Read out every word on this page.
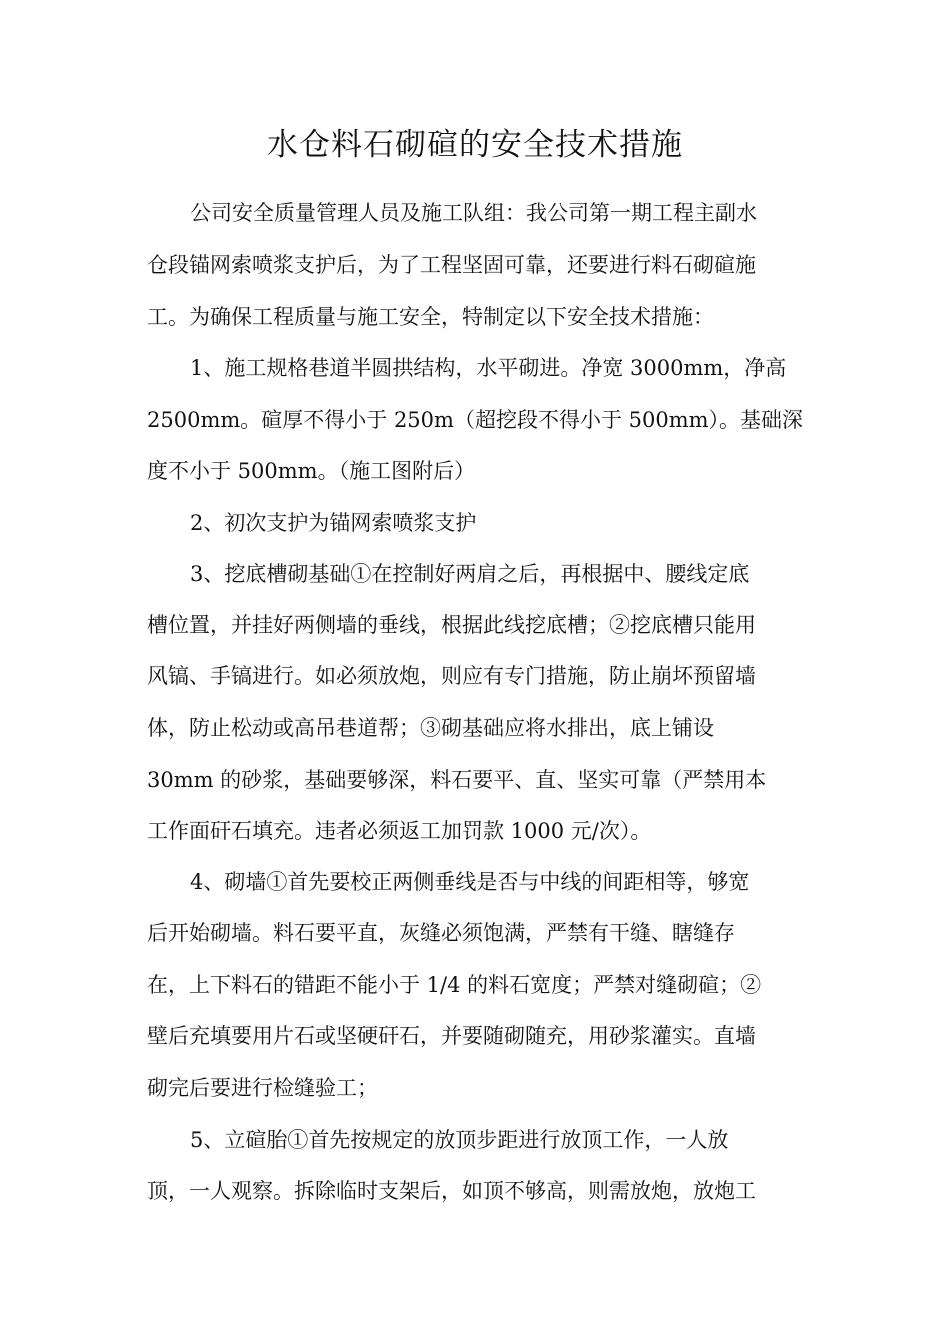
水仓料石砌碹的安全技术措施
公司安全质量管理人员及施工队组：我公司第一期工程主副水
仓段锚网索喷浆支护后，为了工程坚固可靠，还要进行料石砌碹施
工。为确保工程质量与施工安全，特制定以下安全技术措施：
1、施工规格巷道半圆拱结构，水平砌进。净宽 3000mm，净高
2500mm。碹厚不得小于 250m（超挖段不得小于 500mm）。基础深
度不小于 500mm。（施工图附后）
2、初次支护为锚网索喷浆支护
3、挖底槽砌基础①在控制好两肩之后，再根据中、腰线定底
槽位置，并挂好两侧墙的垂线，根据此线挖底槽；②挖底槽只能用
风镐、手镐进行。如必须放炮，则应有专门措施，防止崩坏预留墙
体，防止松动或高吊巷道帮；③砌基础应将水排出，底上铺设
30mm 的砂浆，基础要够深，料石要平、直、坚实可靠（严禁用本
工作面矸石填充。违者必须返工加罚款 1000 元/次）。
4、砌墙①首先要校正两侧垂线是否与中线的间距相等，够宽
后开始砌墙。料石要平直，灰缝必须饱满，严禁有干缝、瞎缝存
在，上下料石的错距不能小于 1/4 的料石宽度；严禁对缝砌碹；②
壁后充填要用片石或坚硬矸石，并要随砌随充，用砂浆灌实。直墙
砌完后要进行检缝验工；
5、立碹胎①首先按规定的放顶步距进行放顶工作，一人放
顶，一人观察。拆除临时支架后，如顶不够高，则需放炮，放炮工
